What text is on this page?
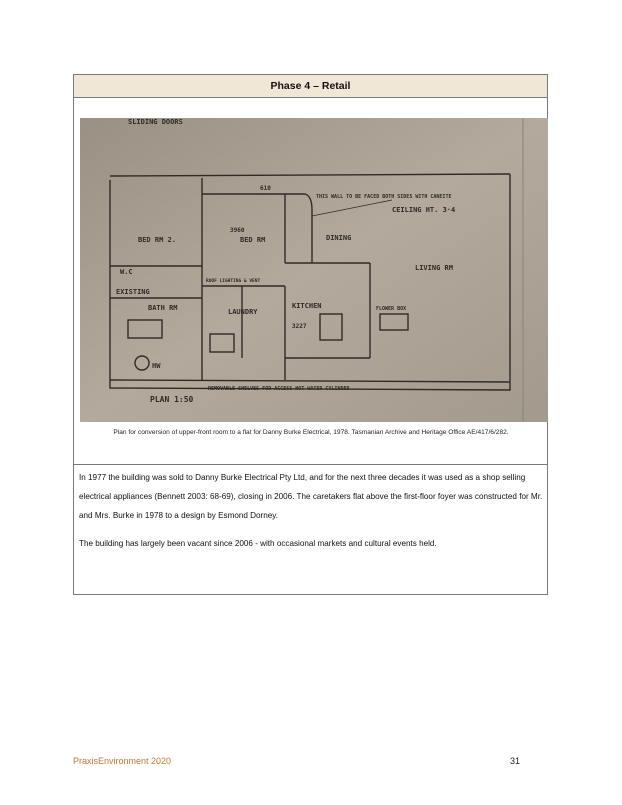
Phase 4 – Retail
SLIDING DOORS
BED RM 2.	BED RM	DINING
LIVING RM
KITCHEN
LAUNDRY
BATH RM
W.C
EXISTING
HW
PLAN 1:50
CEILING HT. 3·4
THIS WALL TO BE FACED BOTH SIDES WITH CANEITE
REMOVABLE SHELVES FOR ACCESS HOT WATER CYLINDER
FLOWER BOX
3960
3227
610
ROOF LIGHTING & VENT
Plan for conversion of upper-front room to a flat for Danny Burke Electrical, 1978. Tasmanian Archive and Heritage Office AE/417/6/282.

In 1977 the building was sold to Danny Burke Electrical Pty Ltd, and for the next three decades it was used as a shop selling electrical appliances (Bennett 2003: 68-69), closing in 2006. The caretakers flat above the first-floor foyer was constructed for Mr. and Mrs. Burke in 1978 to a design by Esmond Dorney.

The building has largely been vacant since 2006 - with occasional markets and cultural events held.

PraxisEnvironment 2020	31
